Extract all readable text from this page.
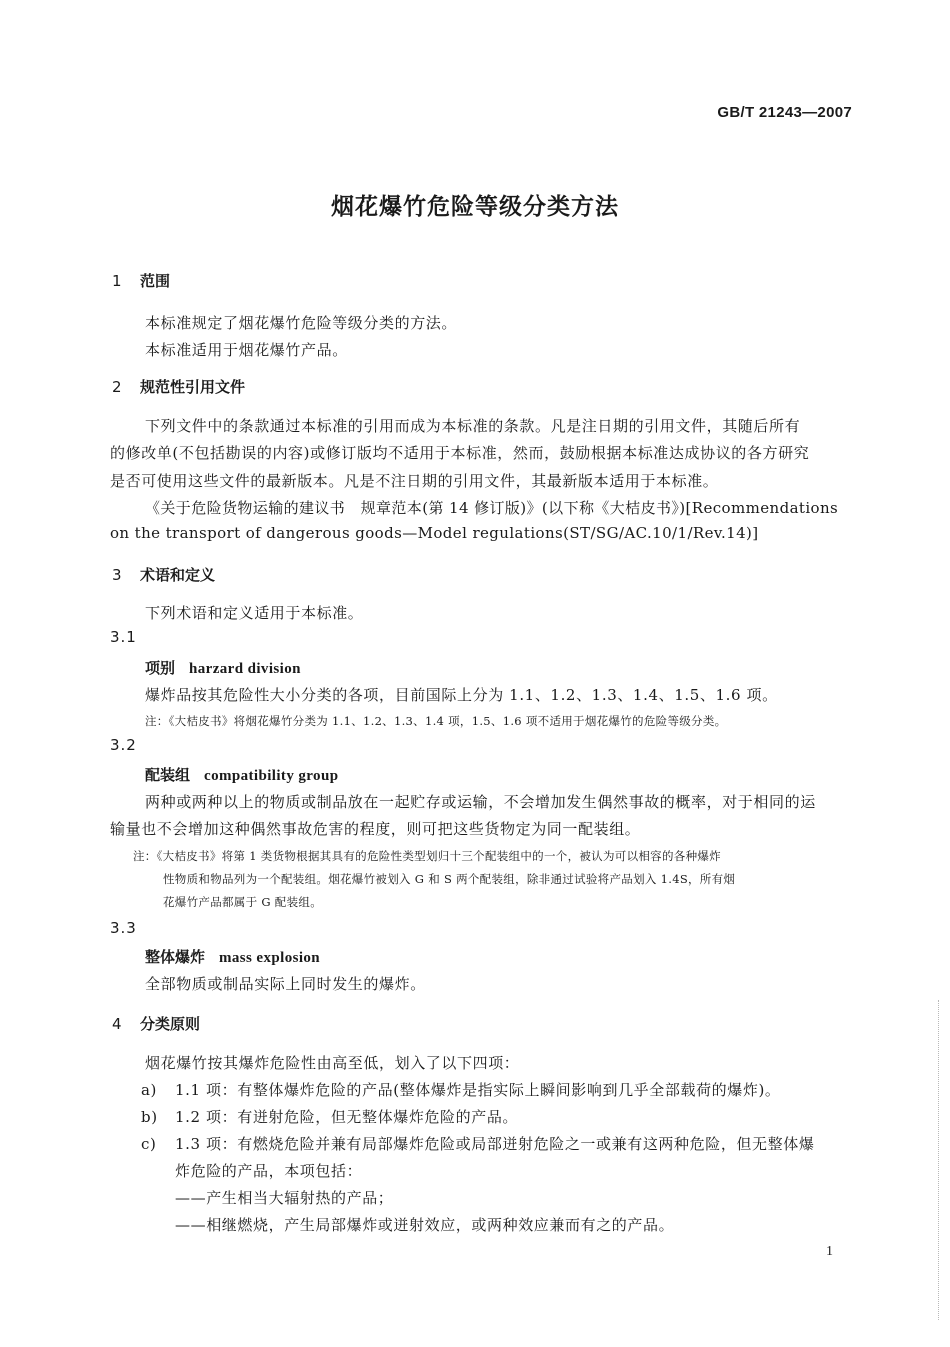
GB/T 21243—2007
烟花爆竹危险等级分类方法
1 范围
本标准规定了烟花爆竹危险等级分类的方法。
本标准适用于烟花爆竹产品。
2 规范性引用文件
下列文件中的条款通过本标准的引用而成为本标准的条款。凡是注日期的引用文件，其随后所有
的修改单(不包括勘误的内容)或修订版均不适用于本标准，然而，鼓励根据本标准达成协议的各方研究
是否可使用这些文件的最新版本。凡是不注日期的引用文件，其最新版本适用于本标准。
《关于危险货物运输的建议书　规章范本(第 14 修订版)》(以下称《大桔皮书》)[Recommendations
on the transport of dangerous goods—Model regulations(ST/SG/AC.10/1/Rev.14)]
3 术语和定义
下列术语和定义适用于本标准。
3.1
项别 harzard division
爆炸品按其危险性大小分类的各项，目前国际上分为 1.1、1.2、1.3、1.4、1.5、1.6 项。
注：《大桔皮书》将烟花爆竹分类为 1.1、1.2、1.3、1.4 项，1.5、1.6 项不适用于烟花爆竹的危险等级分类。
3.2
配装组 compatibility group
两种或两种以上的物质或制品放在一起贮存或运输，不会增加发生偶然事故的概率，对于相同的运
输量也不会增加这种偶然事故危害的程度，则可把这些货物定为同一配装组。
注：《大桔皮书》将第 1 类货物根据其具有的危险性类型划归十三个配装组中的一个，被认为可以相容的各种爆炸
性物质和物品列为一个配装组。烟花爆竹被划入 G 和 S 两个配装组，除非通过试验将产品划入 1.4S，所有烟
花爆竹产品都属于 G 配装组。
3.3
整体爆炸 mass explosion
全部物质或制品实际上同时发生的爆炸。
4 分类原则
烟花爆竹按其爆炸危险性由高至低，划入了以下四项：
a) 1.1 项：有整体爆炸危险的产品(整体爆炸是指实际上瞬间影响到几乎全部载荷的爆炸)。
b) 1.2 项：有迸射危险，但无整体爆炸危险的产品。
c) 1.3 项：有燃烧危险并兼有局部爆炸危险或局部迸射危险之一或兼有这两种危险，但无整体爆
炸危险的产品，本项包括：
——产生相当大辐射热的产品；
——相继燃烧，产生局部爆炸或迸射效应，或两种效应兼而有之的产品。
1
